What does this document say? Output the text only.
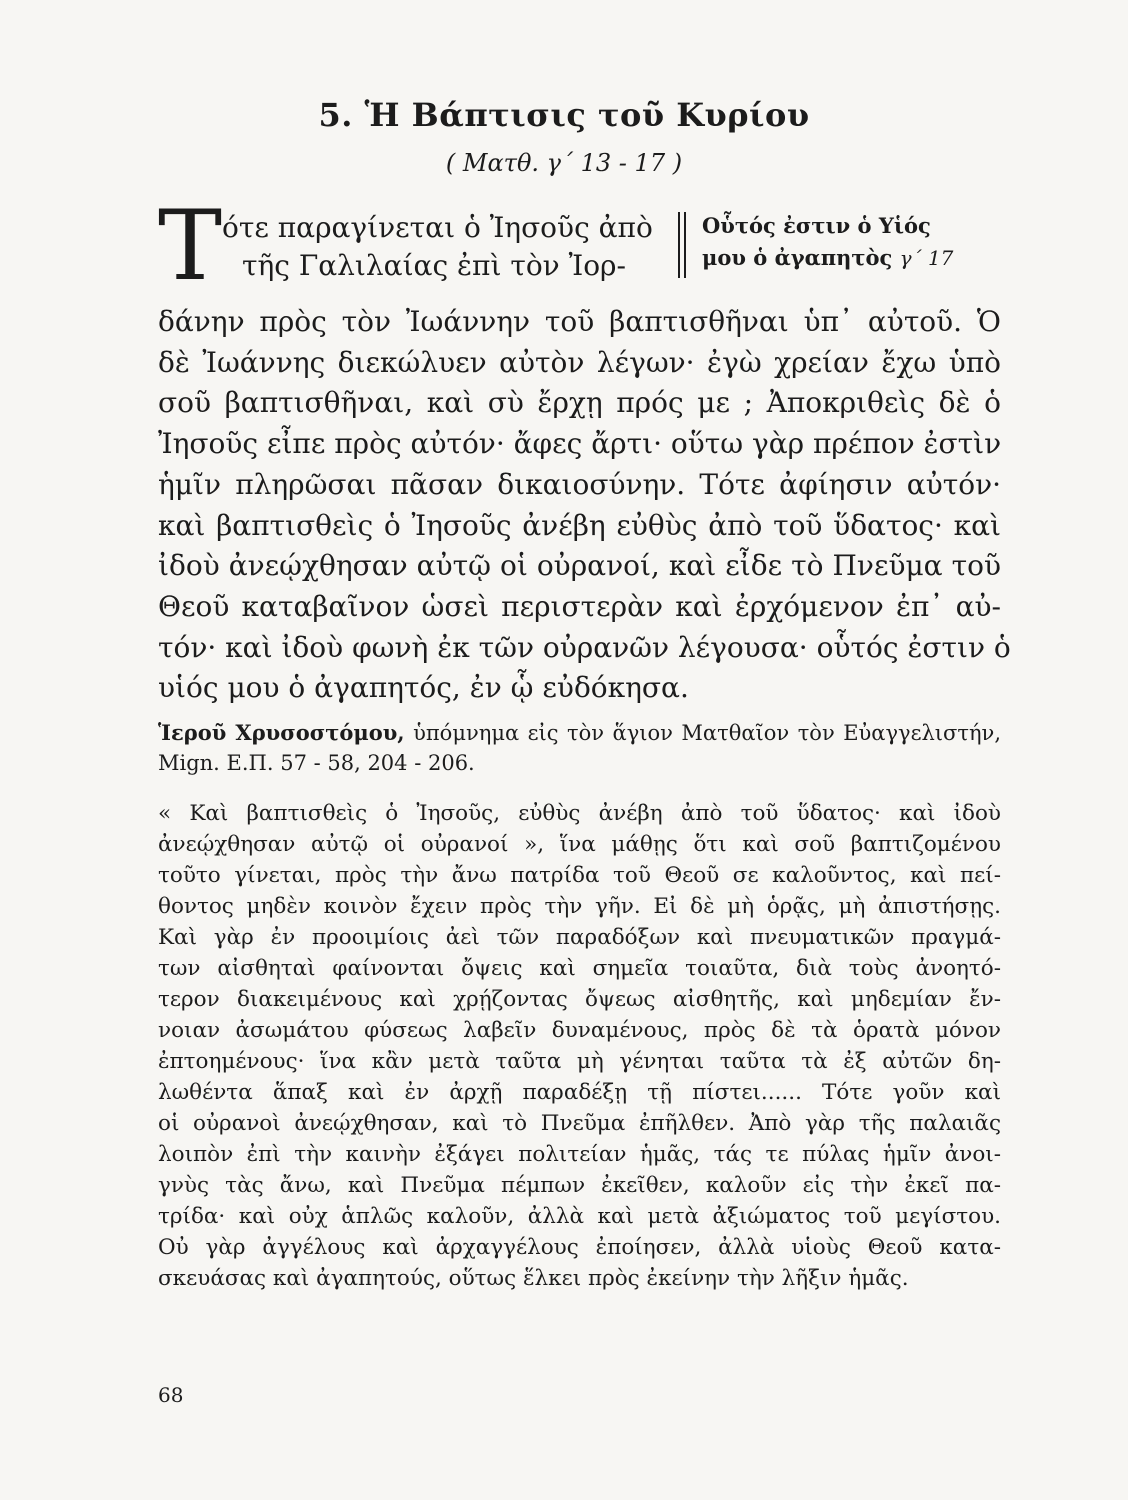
5. Ἡ Βάπτισις τοῦ Κυρίου
( Ματθ. γ΄ 13 - 17 )
Τ ότε παραγίνεται ὁ Ἰησοῦς ἀπὸ
τῆς Γαλιλαίας ἐπὶ τὸν Ἰορ-
Οὗτός ἐστιν ὁ Υἱός
μου ὁ ἀγαπητὸς γ΄ 17
δάνην πρὸς τὸν Ἰωάννην τοῦ βαπτισθῆναι ὑπ᾽ αὐτοῦ. Ὁ
δὲ Ἰωάννης διεκώλυεν αὐτὸν λέγων· ἐγὼ χρείαν ἔχω ὑπὸ
σοῦ βαπτισθῆναι, καὶ σὺ ἔρχῃ πρός με ; Ἀποκριθεὶς δὲ ὁ
Ἰησοῦς εἶπε πρὸς αὐτόν· ἄφες ἄρτι· οὕτω γὰρ πρέπον ἐστὶν
ἡμῖν πληρῶσαι πᾶσαν δικαιοσύνην. Τότε ἀφίησιν αὐτόν·
καὶ βαπτισθεὶς ὁ Ἰησοῦς ἀνέβη εὐθὺς ἀπὸ τοῦ ὕδατος· καὶ
ἰδοὺ ἀνεῴχθησαν αὐτῷ οἱ οὐρανοί, καὶ εἶδε τὸ Πνεῦμα τοῦ
Θεοῦ καταβαῖνον ὡσεὶ περιστερὰν καὶ ἐρχόμενον ἐπ᾽ αὐ-
τόν· καὶ ἰδοὺ φωνὴ ἐκ τῶν οὐρανῶν λέγουσα· οὗτός ἐστιν ὁ
υἱός μου ὁ ἀγαπητός, ἐν ᾧ εὐδόκησα.
Ἱεροῦ Χρυσοστόμου, ὑπόμνημα εἰς τὸν ἅγιον Ματθαῖον τὸν Εὐαγγελιστήν,
Mign. Ε.Π. 57 - 58, 204 - 206.
« Καὶ βαπτισθεὶς ὁ Ἰησοῦς, εὐθὺς ἀνέβη ἀπὸ τοῦ ὕδατος· καὶ ἰδοὺ
ἀνεῴχθησαν αὐτῷ οἱ οὐρανοί », ἵνα μάθῃς ὅτι καὶ σοῦ βαπτιζομένου
τοῦτο γίνεται, πρὸς τὴν ἄνω πατρίδα τοῦ Θεοῦ σε καλοῦντος, καὶ πεί-
θοντος μηδὲν κοινὸν ἔχειν πρὸς τὴν γῆν. Εἰ δὲ μὴ ὁρᾷς, μὴ ἀπιστήσῃς.
Καὶ γὰρ ἐν προοιμίοις ἀεὶ τῶν παραδόξων καὶ πνευματικῶν πραγμά-
των αἰσθηταὶ φαίνονται ὄψεις καὶ σημεῖα τοιαῦτα, διὰ τοὺς ἀνοητό-
τερον διακειμένους καὶ χρῄζοντας ὄψεως αἰσθητῆς, καὶ μηδεμίαν ἔν-
νοιαν ἀσωμάτου φύσεως λαβεῖν δυναμένους, πρὸς δὲ τὰ ὁρατὰ μόνον
ἐπτοημένους· ἵνα κἂν μετὰ ταῦτα μὴ γένηται ταῦτα τὰ ἐξ αὐτῶν δη-
λωθέντα ἅπαξ καὶ ἐν ἀρχῇ παραδέξῃ τῇ πίστει...... Τότε γοῦν καὶ
οἱ οὐρανοὶ ἀνεῴχθησαν, καὶ τὸ Πνεῦμα ἐπῆλθεν. Ἀπὸ γὰρ τῆς παλαιᾶς
λοιπὸν ἐπὶ τὴν καινὴν ἐξάγει πολιτείαν ἡμᾶς, τάς τε πύλας ἡμῖν ἀνοι-
γνὺς τὰς ἄνω, καὶ Πνεῦμα πέμπων ἐκεῖθεν, καλοῦν εἰς τὴν ἐκεῖ πα-
τρίδα· καὶ οὐχ ἁπλῶς καλοῦν, ἀλλὰ καὶ μετὰ ἀξιώματος τοῦ μεγίστου.
Οὐ γὰρ ἀγγέλους καὶ ἀρχαγγέλους ἐποίησεν, ἀλλὰ υἱοὺς Θεοῦ κατα-
σκευάσας καὶ ἀγαπητούς, οὕτως ἕλκει πρὸς ἐκείνην τὴν λῆξιν ἡμᾶς.
68
